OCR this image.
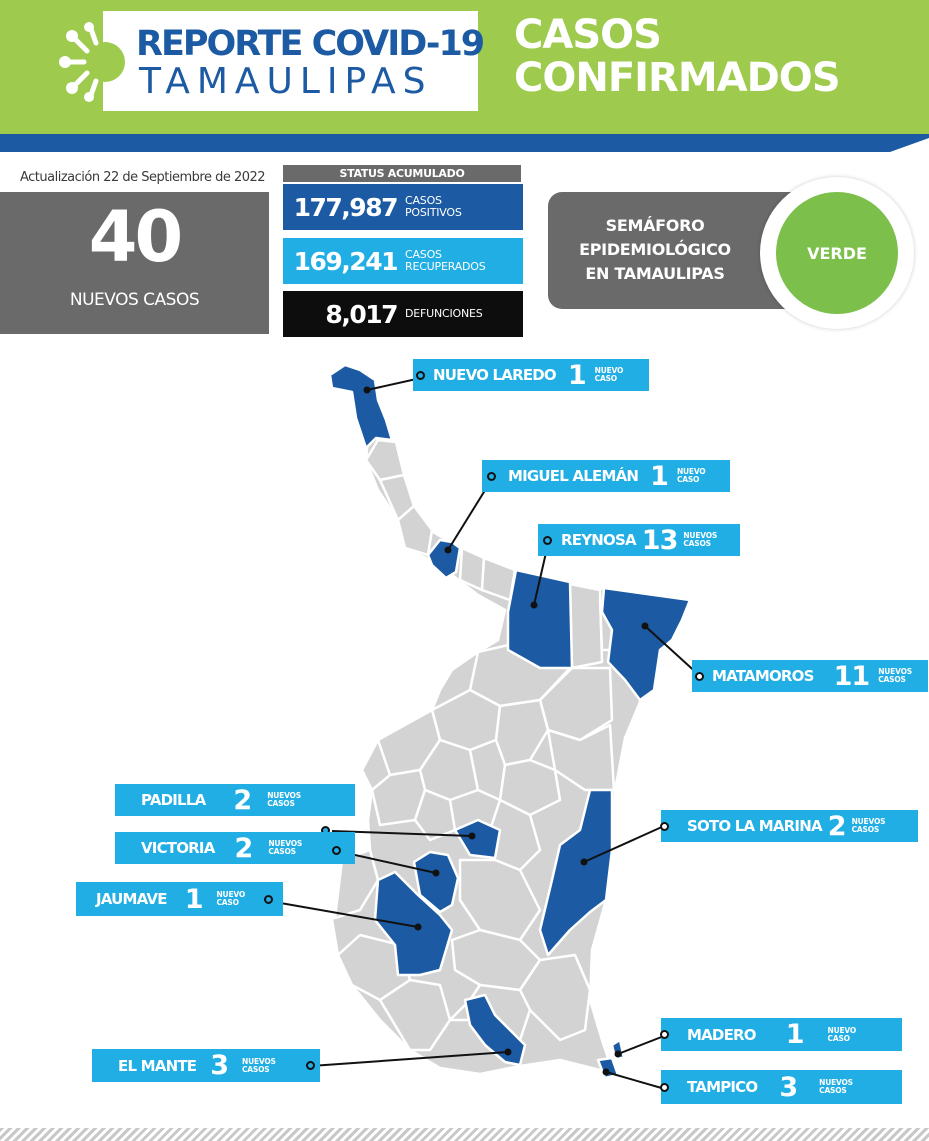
REPORTE COVID-19
TAMAULIPAS
CASOS
CONFIRMADOS
Actualización 22 de Septiembre de 2022
40
NUEVOS CASOS
STATUS ACUMULADO
177,987 CASOS
POSITIVOS
169,241 CASOS
RECUPERADOS
8,017 DEFUNCIONES
SEMÁFORO
EPIDEMIOLÓGICO
EN TAMAULIPAS
VERDE
NUEVO LAREDO 1 NUEVO
CASO
MIGUEL ALEMÁN 1 NUEVO
CASO
REYNOSA 13 NUEVOS
CASOS
MATAMOROS 11 NUEVOS
CASOS
PADILLA 2 NUEVOS
CASOS
VICTORIA 2 NUEVOS
CASOS
SOTO LA MARINA 2 NUEVOS
CASOS
JAUMAVE 1 NUEVO
CASO
MADERO 1	NUEVO
CASO
EL MANTE 3 NUEVOS
CASOS
TAMPICO 3	NUEVOS
CASOS
